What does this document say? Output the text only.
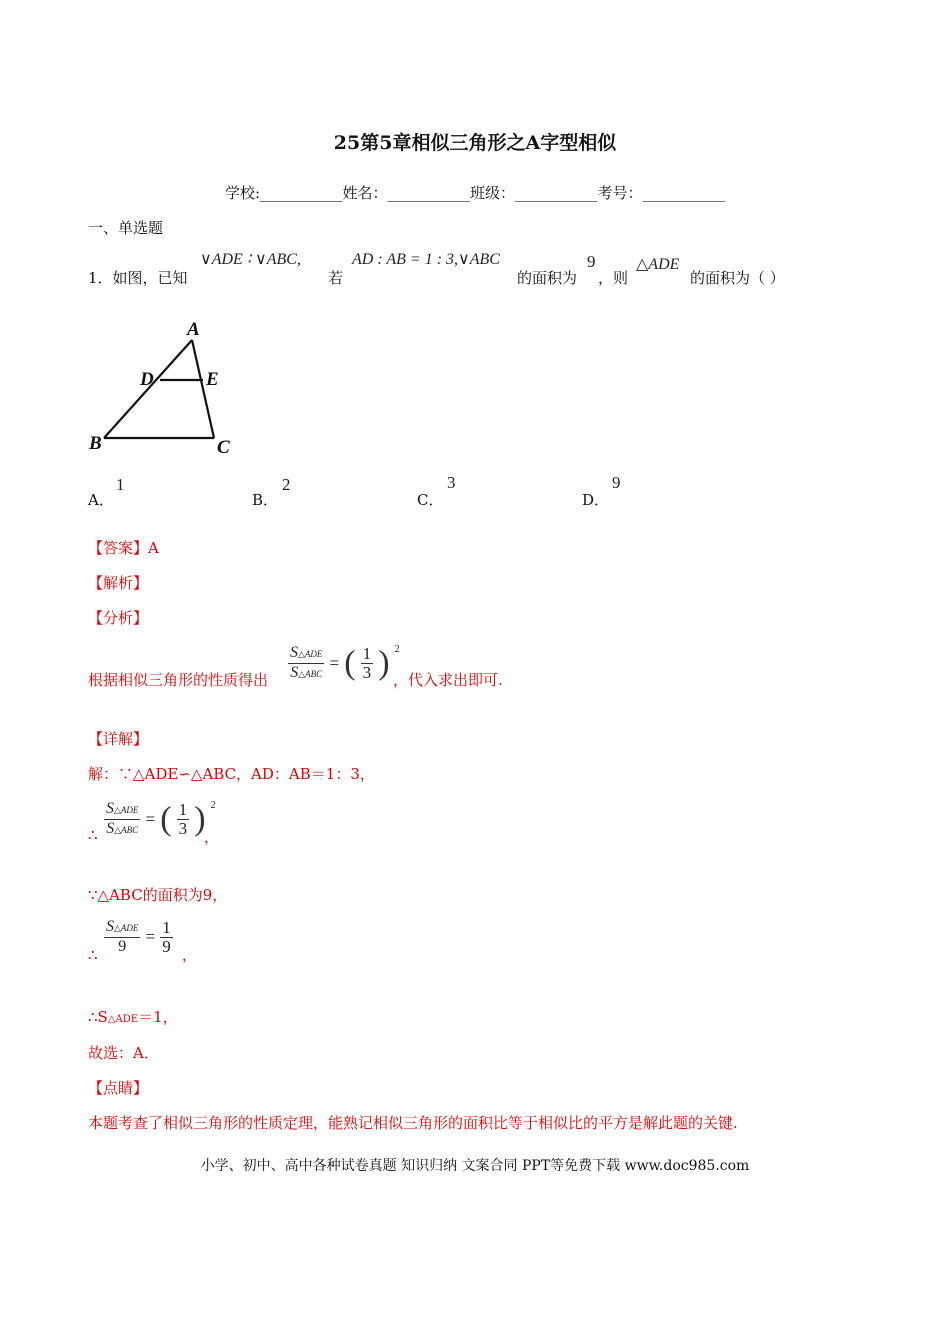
25第5章相似三角形之A字型相似
学校:___________姓名：___________班级：___________考号：___________
一、单选题
1．如图，已知
∨ADE ∶ ∨ABC,
若
AD : AB = 1 : 3,∨ABC
的面积为
9
，则
△ADE
的面积为（ ）
A
D	E
B	C
A．
1
B．
2
C．
3
D．
9
【答案】A
【解析】
【分析】
根据相似三角形的性质得出 $\frac{\text{S△ADE}}{\text{S△ABC}}$ = ( $\frac{1}{3}$ ) $^2$
，代入求出即可.
【详解】
解：∵△ADE∽△ABC，AD：AB＝1：3，
∴ $\frac{\text{S△ADE}}{\text{S△ABC}}$ = ( $\frac{1}{3}$ ) $^2$
，
∵△ABC的面积为9，
∴ $\frac{\text{S△ADE}}{9} = \frac{1}{9}$ ，
∴S△ADE＝1，
故选：A．
【点睛】
本题考查了相似三角形的性质定理，能熟记相似三角形的面积比等于相似比的平方是解此题的关键.
小学、初中、高中各种试卷真题 知识归纳 文案合同 PPT等免费下载 www.doc985.com
